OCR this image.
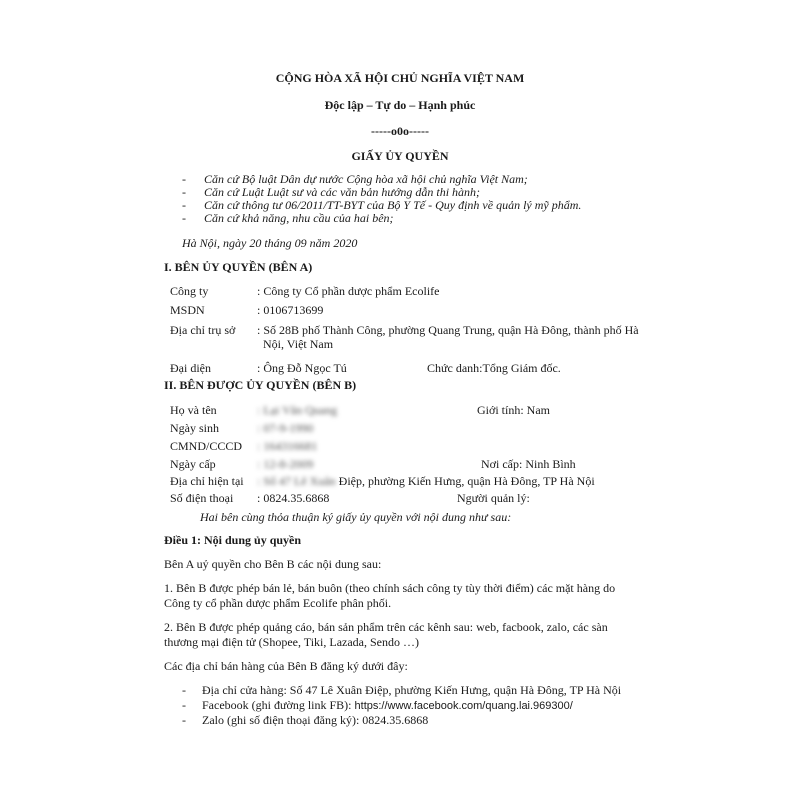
CỘNG HÒA XÃ HỘI CHỦ NGHĨA VIỆT NAM
Độc lập – Tự do – Hạnh phúc
-----o0o-----
GIẤY ỦY QUYỀN
- Căn cứ Bộ luật Dân dự nước Cộng hòa xã hội chủ nghĩa Việt Nam;
- Căn cứ Luật Luật sư và các văn bản hướng dẫn thi hành;
- Căn cứ thông tư 06/2011/TT-BYT của Bộ Y Tế - Quy định về quản lý mỹ phẩm.
- Căn cứ khả năng, nhu cầu của hai bên;
Hà Nội, ngày 20 tháng 09 năm 2020
I. BÊN ỦY QUYỀN (BÊN A)
Công ty	: Công ty Cổ phần dược phẩm Ecolife
MSDN	: 0106713699
Địa chỉ trụ sở : Số 28B phố Thành Công, phường Quang Trung, quận Hà Đông, thành phố Hà
Nội, Việt Nam
Đại diện	: Ông Đỗ Ngọc Tú	Chức danh:Tổng Giám đốc.
II. BÊN ĐƯỢC ỦY QUYỀN (BÊN B)
Họ và tên	: Lại Văn Quang	Giới tính: Nam
Ngày sinh	: 07-9-1990
CMND/CCCD : 164316681
Ngày cấp	: 12-8-2009	Nơi cấp: Ninh Bình
Địa chỉ hiện tại : Số 47 Lê Xuân Điệp, phường Kiến Hưng, quận Hà Đông, TP Hà Nội
Số điện thoại : 0824.35.6868	Người quản lý:
Hai bên cùng thỏa thuận ký giấy ủy quyền với nội dung như sau:
Điều 1: Nội dung ủy quyền
Bên A uỷ quyền cho Bên B các nội dung sau:
1. Bên B được phép bán lẻ, bán buôn (theo chính sách công ty tùy thời điểm) các mặt hàng do
Công ty cổ phần dược phẩm Ecolife phân phối.
2. Bên B được phép quảng cáo, bán sản phẩm trên các kênh sau: web, facbook, zalo, các sàn
thương mại điện tử (Shopee, Tiki, Lazada, Sendo …)
Các địa chỉ bán hàng của Bên B đăng ký dưới đây:
- Địa chỉ cửa hàng: Số 47 Lê Xuân Điệp, phường Kiến Hưng, quận Hà Đông, TP Hà Nội
- Facebook (ghi đường link FB): https://www.facebook.com/quang.lai.969300/
- Zalo (ghi số điện thoại đăng ký): 0824.35.6868
